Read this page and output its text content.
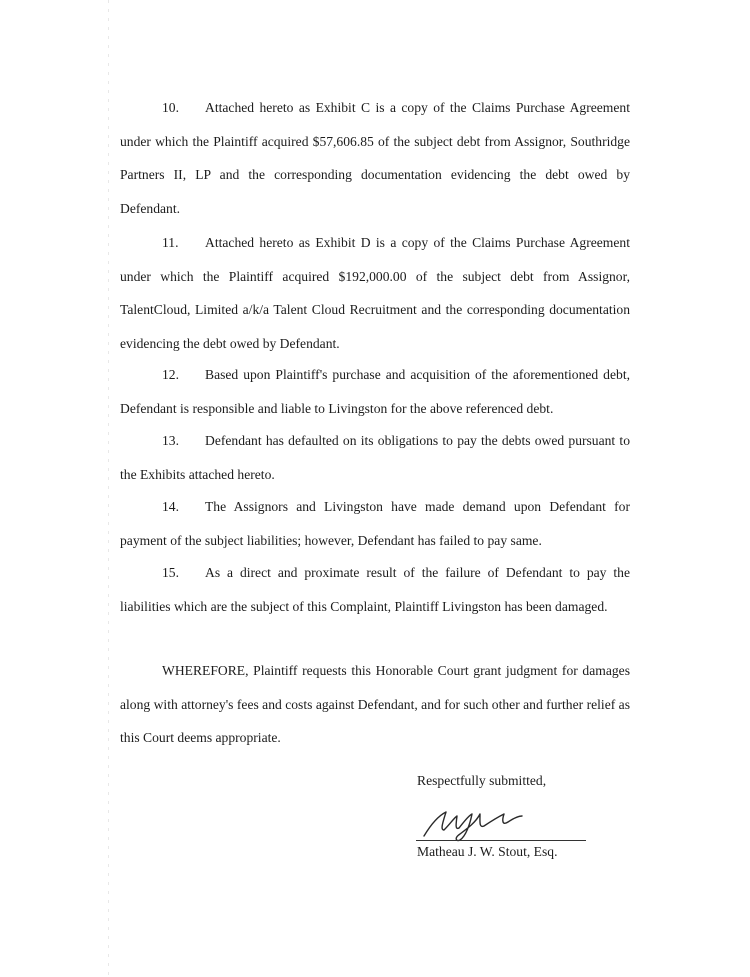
10. Attached hereto as Exhibit C is a copy of the Claims Purchase Agreement under which the Plaintiff acquired $57,606.85 of the subject debt from Assignor, Southridge Partners II, LP and the corresponding documentation evidencing the debt owed by Defendant.

11. Attached hereto as Exhibit D is a copy of the Claims Purchase Agreement under which the Plaintiff acquired $192,000.00 of the subject debt from Assignor, TalentCloud, Limited a/k/a Talent Cloud Recruitment and the corresponding documentation evidencing the debt owed by Defendant.

12. Based upon Plaintiff's purchase and acquisition of the aforementioned debt, Defendant is responsible and liable to Livingston for the above referenced debt.

13. Defendant has defaulted on its obligations to pay the debts owed pursuant to the Exhibits attached hereto.

14. The Assignors and Livingston have made demand upon Defendant for payment of the subject liabilities; however, Defendant has failed to pay same.

15. As a direct and proximate result of the failure of Defendant to pay the liabilities which are the subject of this Complaint, Plaintiff Livingston has been damaged.

WHEREFORE, Plaintiff requests this Honorable Court grant judgment for damages along with attorney's fees and costs against Defendant, and for such other and further relief as this Court deems appropriate.

Respectfully submitted,

Matheau J. W. Stout, Esq.
